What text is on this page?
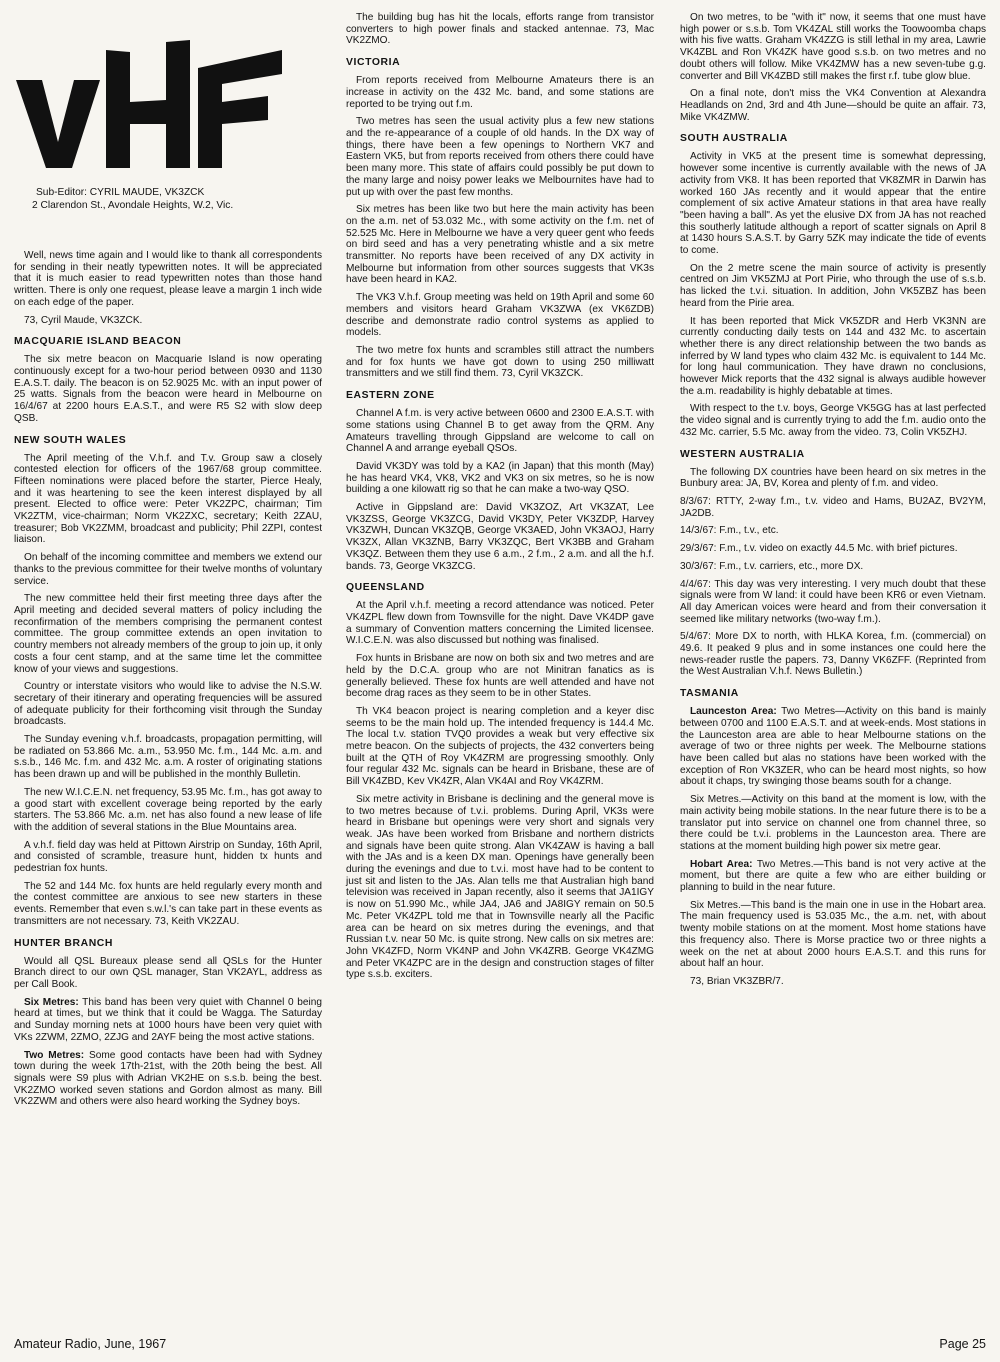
Sub-Editor: CYRIL MAUDE, VK3ZCK
2 Clarendon St., Avondale Heights, W.2, Vic.

Well, news time again and I would like to thank all correspondents for sending in their neatly typewritten notes. It will be appreciated that it is much easier to read typewritten notes than those hand written. There is only one request, please leave a margin 1 inch wide on each edge of the paper.

73, Cyril Maude, VK3ZCK.

MACQUARIE ISLAND BEACON

The six metre beacon on Macquarie Island is now operating continuously except for a two-hour period between 0930 and 1130 E.A.S.T. daily. The beacon is on 52.9025 Mc. with an input power of 25 watts. Signals from the beacon were heard in Melbourne on 16/4/67 at 2200 hours E.A.S.T., and were R5 S2 with slow deep QSB.

NEW SOUTH WALES

The April meeting of the V.h.f. and T.v. Group saw a closely contested election for officers of the 1967/68 group committee. Fifteen nominations were placed before the starter, Pierce Healy, and it was heartening to see the keen interest displayed by all present. Elected to office were: Peter VK2ZPC, chairman; Tim VK2ZTM, vice-chairman; Norm VK2ZXC, secretary; Keith 2ZAU, treasurer; Bob VK2ZMM, broadcast and publicity; Phil 2ZPI, contest liaison.

On behalf of the incoming committee and members we extend our thanks to the previous committee for their twelve months of voluntary service.

The new committee held their first meeting three days after the April meeting and decided several matters of policy including the reconfirmation of the members comprising the permanent contest committee. The group committee extends an open invitation to country members not already members of the group to join up, it only costs a four cent stamp, and at the same time let the committee know of your views and suggestions.

Country or interstate visitors who would like to advise the N.S.W. secretary of their itinerary and operating frequencies will be assured of adequate publicity for their forthcoming visit through the Sunday broadcasts.

The Sunday evening v.h.f. broadcasts, propagation permitting, will be radiated on 53.866 Mc. a.m., 53.950 Mc. f.m., 144 Mc. a.m. and s.s.b., 146 Mc. f.m. and 432 Mc. a.m. A roster of originating stations has been drawn up and will be published in the monthly Bulletin.

The new W.I.C.E.N. net frequency, 53.95 Mc. f.m., has got away to a good start with excellent coverage being reported by the early starters. The 53.866 Mc. a.m. net has also found a new lease of life with the addition of several stations in the Blue Mountains area.

A v.h.f. field day was held at Pittown Airstrip on Sunday, 16th April, and consisted of scramble, treasure hunt, hidden tx hunts and pedestrian fox hunts.

The 52 and 144 Mc. fox hunts are held regularly every month and the contest committee are anxious to see new starters in these events. Remember that even s.w.l.'s can take part in these events as transmitters are not necessary. 73, Keith VK2ZAU.

HUNTER BRANCH

Would all QSL Bureaux please send all QSLs for the Hunter Branch direct to our own QSL manager, Stan VK2AYL, address as per Call Book.

Six Metres: This band has been very quiet with Channel 0 being heard at times, but we think that it could be Wagga. The Saturday and Sunday morning nets at 1000 hours have been very quiet with VKs 2ZWM, 2ZMO, 2ZJG and 2AYF being the most active stations.

Two Metres: Some good contacts have been had with Sydney town during the week 17th-21st, with the 20th being the best. All signals were S9 plus with Adrian VK2HE on s.s.b. being the best. VK2ZMO worked seven stations and Gordon almost as many. Bill VK2ZWM and others were also heard working the Sydney boys.

The building bug has hit the locals, efforts range from transistor converters to high power finals and stacked antennae. 73, Mac VK2ZMO.

VICTORIA

From reports received from Melbourne Amateurs there is an increase in activity on the 432 Mc. band, and some stations are reported to be trying out f.m.

Two metres has seen the usual activity plus a few new stations and the re-appearance of a couple of old hands. In the DX way of things, there have been a few openings to Northern VK7 and Eastern VK5, but from reports received from others there could have been many more. This state of affairs could possibly be put down to the many large and noisy power leaks we Melbournites have had to put up with over the past few months.

Six metres has been like two but here the main activity has been on the a.m. net of 53.032 Mc., with some activity on the f.m. net of 52.525 Mc. Here in Melbourne we have a very queer gent who feeds on bird seed and has a very penetrating whistle and a six metre transmitter. No reports have been received of any DX activity in Melbourne but information from other sources suggests that VK3s have been heard in KA2.

The VK3 V.h.f. Group meeting was held on 19th April and some 60 members and visitors heard Graham VK3ZWA (ex VK6ZDB) describe and demonstrate radio control systems as applied to models.

The two metre fox hunts and scrambles still attract the numbers and for fox hunts we have got down to using 250 milliwatt transmitters and we still find them. 73, Cyril VK3ZCK.

EASTERN ZONE

Channel A f.m. is very active between 0600 and 2300 E.A.S.T. with some stations using Channel B to get away from the QRM. Any Amateurs travelling through Gippsland are welcome to call on Channel A and arrange eyeball QSOs.

David VK3DY was told by a KA2 (in Japan) that this month (May) he has heard VK4, VK8, VK2 and VK3 on six metres, so he is now building a one kilowatt rig so that he can make a two-way QSO.

Active in Gippsland are: David VK3ZOZ, Art VK3ZAT, Lee VK3ZSS, George VK3ZCG, David VK3DY, Peter VK3ZDP, Harvey VK3ZWH, Duncan VK3ZQB, George VK3AED, John VK3AOJ, Harry VK3ZX, Allan VK3ZNB, Barry VK3ZQC, Bert VK3BB and Graham VK3QZ. Between them they use 6 a.m., 2 f.m., 2 a.m. and all the h.f. bands. 73, George VK3ZCG.

QUEENSLAND

At the April v.h.f. meeting a record attendance was noticed. Peter VK4ZPL flew down from Townsville for the night. Dave VK4DP gave a summary of Convention matters concerning the Limited licensee. W.I.C.E.N. was also discussed but nothing was finalised.

Fox hunts in Brisbane are now on both six and two metres and are held by the D.C.A. group who are not Minitran fanatics as is generally believed. These fox hunts are well attended and have not become drag races as they seem to be in other States.

Th VK4 beacon project is nearing completion and a keyer disc seems to be the main hold up. The intended frequency is 144.4 Mc. The local t.v. station TVQ0 provides a weak but very effective six metre beacon. On the subjects of projects, the 432 converters being built at the QTH of Roy VK4ZRM are progressing smoothly. Only four regular 432 Mc. signals can be heard in Brisbane, these are of Bill VK4ZBD, Kev VK4ZR, Alan VK4AI and Roy VK4ZRM.

Six metre activity in Brisbane is declining and the general move is to two metres because of t.v.i. problems. During April, VK3s were heard in Brisbane but openings were very short and signals very weak. JAs have been worked from Brisbane and northern districts and signals have been quite strong. Alan VK4ZAW is having a ball with the JAs and is a keen DX man. Openings have generally been during the evenings and due to t.v.i. most have had to be content to just sit and listen to the JAs. Alan tells me that Australian high band television was received in Japan recently, also it seems that JA1IGY is now on 51.990 Mc., while JA4, JA6 and JA8IGY remain on 50.5 Mc. Peter VK4ZPL told me that in Townsville nearly all the Pacific area can be heard on six metres during the evenings, and that Russian t.v. near 50 Mc. is quite strong. New calls on six metres are: John VK4ZFD, Norm VK4NP and John VK4ZRB. George VK4ZMG and Peter VK4ZPC are in the design and construction stages of filter type s.s.b. exciters.

On two metres, to be "with it" now, it seems that one must have high power or s.s.b. Tom VK4ZAL still works the Toowoomba chaps with his five watts. Graham VK4ZZG is still lethal in my area, Lawrie VK4ZBL and Ron VK4ZK have good s.s.b. on two metres and no doubt others will follow. Mike VK4ZMW has a new seven-tube g.g. converter and Bill VK4ZBD still makes the first r.f. tube glow blue.

On a final note, don't miss the VK4 Convention at Alexandra Headlands on 2nd, 3rd and 4th June—should be quite an affair. 73, Mike VK4ZMW.

SOUTH AUSTRALIA

Activity in VK5 at the present time is somewhat depressing, however some incentive is currently available with the news of JA activity from VK8. It has been reported that VK8ZMR in Darwin has worked 160 JAs recently and it would appear that the entire complement of six active Amateur stations in that area have really "been having a ball". As yet the elusive DX from JA has not reached this southerly latitude although a report of scatter signals on April 8 at 1430 hours S.A.S.T. by Garry 5ZK may indicate the tide of events to come.

On the 2 metre scene the main source of activity is presently centred on Jim VK5ZMJ at Port Pirie, who through the use of s.s.b. has licked the t.v.i. situation. In addition, John VK5ZBZ has been heard from the Pirie area.

It has been reported that Mick VK5ZDR and Herb VK3NN are currently conducting daily tests on 144 and 432 Mc. to ascertain whether there is any direct relationship between the two bands as inferred by W land types who claim 432 Mc. is equivalent to 144 Mc. for long haul communication. They have drawn no conclusions, however Mick reports that the 432 signal is always audible however the a.m. readability is highly debatable at times.

With respect to the t.v. boys, George VK5GG has at last perfected the video signal and is currently trying to add the f.m. audio onto the 432 Mc. carrier, 5.5 Mc. away from the video. 73, Colin VK5ZHJ.

WESTERN AUSTRALIA

The following DX countries have been heard on six metres in the Bunbury area: JA, BV, Korea and plenty of f.m. and video.

8/3/67: RTTY, 2-way f.m., t.v. video and Hams, BU2AZ, BV2YM, JA2DB.

14/3/67: F.m., t.v., etc.

29/3/67: F.m., t.v. video on exactly 44.5 Mc. with brief pictures.

30/3/67: F.m., t.v. carriers, etc., more DX.

4/4/67: This day was very interesting. I very much doubt that these signals were from W land: it could have been KR6 or even Vietnam. All day American voices were heard and from their conversation it seemed like military networks (two-way f.m.).

5/4/67: More DX to north, with HLKA Korea, f.m. (commercial) on 49.6. It peaked 9 plus and in some instances one could here the news-reader rustle the papers. 73, Danny VK6ZFF. (Reprinted from the West Australian V.h.f. News Bulletin.)

TASMANIA

Launceston Area: Two Metres—Activity on this band is mainly between 0700 and 1100 E.A.S.T. and at week-ends. Most stations in the Launceston area are able to hear Melbourne stations on the average of two or three nights per week. The Melbourne stations have been called but alas no stations have been worked with the exception of Ron VK3ZER, who can be heard most nights, so how about it chaps, try swinging those beams south for a change.

Six Metres.—Activity on this band at the moment is low, with the main activity being mobile stations. In the near future there is to be a translator put into service on channel one from channel three, so there could be t.v.i. problems in the Launceston area. There are stations at the moment building high power six metre gear.

Hobart Area: Two Metres.—This band is not very active at the moment, but there are quite a few who are either building or planning to build in the near future.

Six Metres.—This band is the main one in use in the Hobart area. The main frequency used is 53.035 Mc., the a.m. net, with about twenty mobile stations on at the moment. Most home stations have this frequency also. There is Morse practice two or three nights a week on the net at about 2000 hours E.A.S.T. and this runs for about half an hour.

73, Brian VK3ZBR/7.

Amateur Radio, June, 1967	Page 25
